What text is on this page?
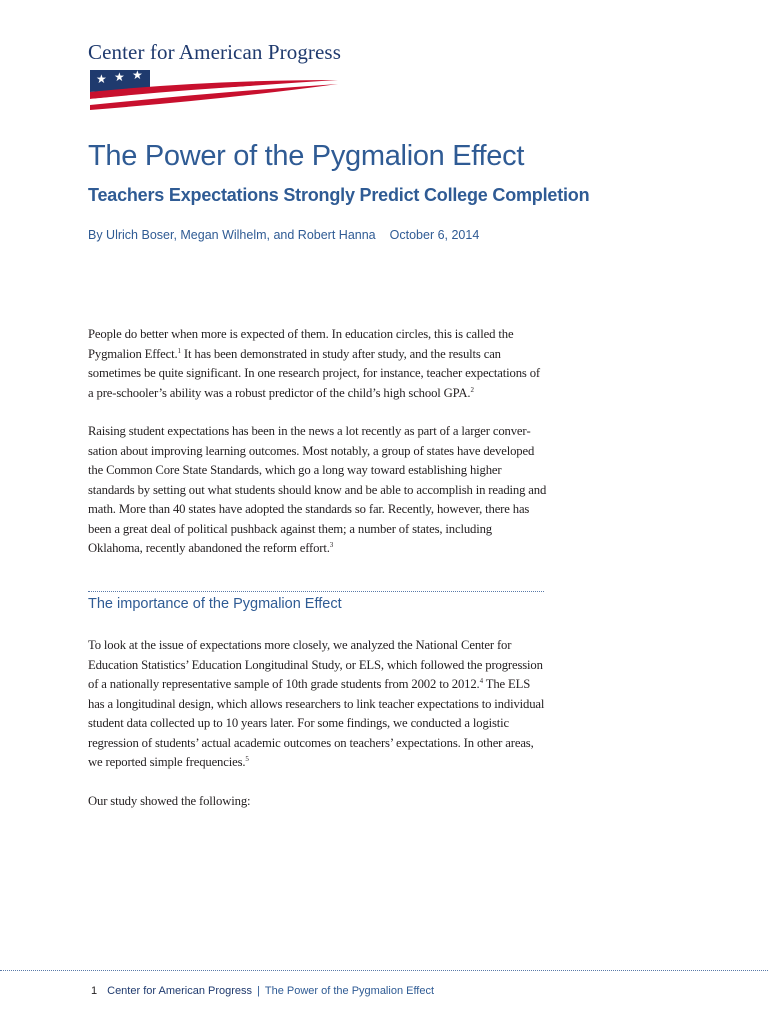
Center for American Progress
★ ★ ★
The Power of the Pygmalion Effect
Teachers Expectations Strongly Predict College Completion
By Ulrich Boser, Megan Wilhelm, and Robert Hanna October 6, 2014

People do better when more is expected of them. In education circles, this is called the Pygmalion Effect.$^1$ It has been demonstrated in study after study, and the results can sometimes be quite significant. In one research project, for instance, teacher expectations of a pre-schooler’s ability was a robust predictor of the child’s high school GPA.$^2$

Raising student expectations has been in the news a lot recently as part of a larger conversation about improving learning outcomes. Most notably, a group of states have developed the Common Core State Standards, which go a long way toward establishing higher standards by setting out what students should know and be able to accomplish in reading and math. More than 40 states have adopted the standards so far. Recently, however, there has been a great deal of political pushback against them; a number of states, including Oklahoma, recently abandoned the reform effort.$^3$

The importance of the Pygmalion Effect

To look at the issue of expectations more closely, we analyzed the National Center for Education Statistics’ Education Longitudinal Study, or ELS, which followed the progression of a nationally representative sample of 10th grade students from 2002 to 2012.$^4$ The ELS has a longitudinal design, which allows researchers to link teacher expectations to individual student data collected up to 10 years later. For some findings, we conducted a logistic regression of students’ actual academic outcomes on teachers’ expectations. In other areas, we reported simple frequencies.$^5$

Our study showed the following:

1 Center for American Progress | The Power of the Pygmalion Effect
